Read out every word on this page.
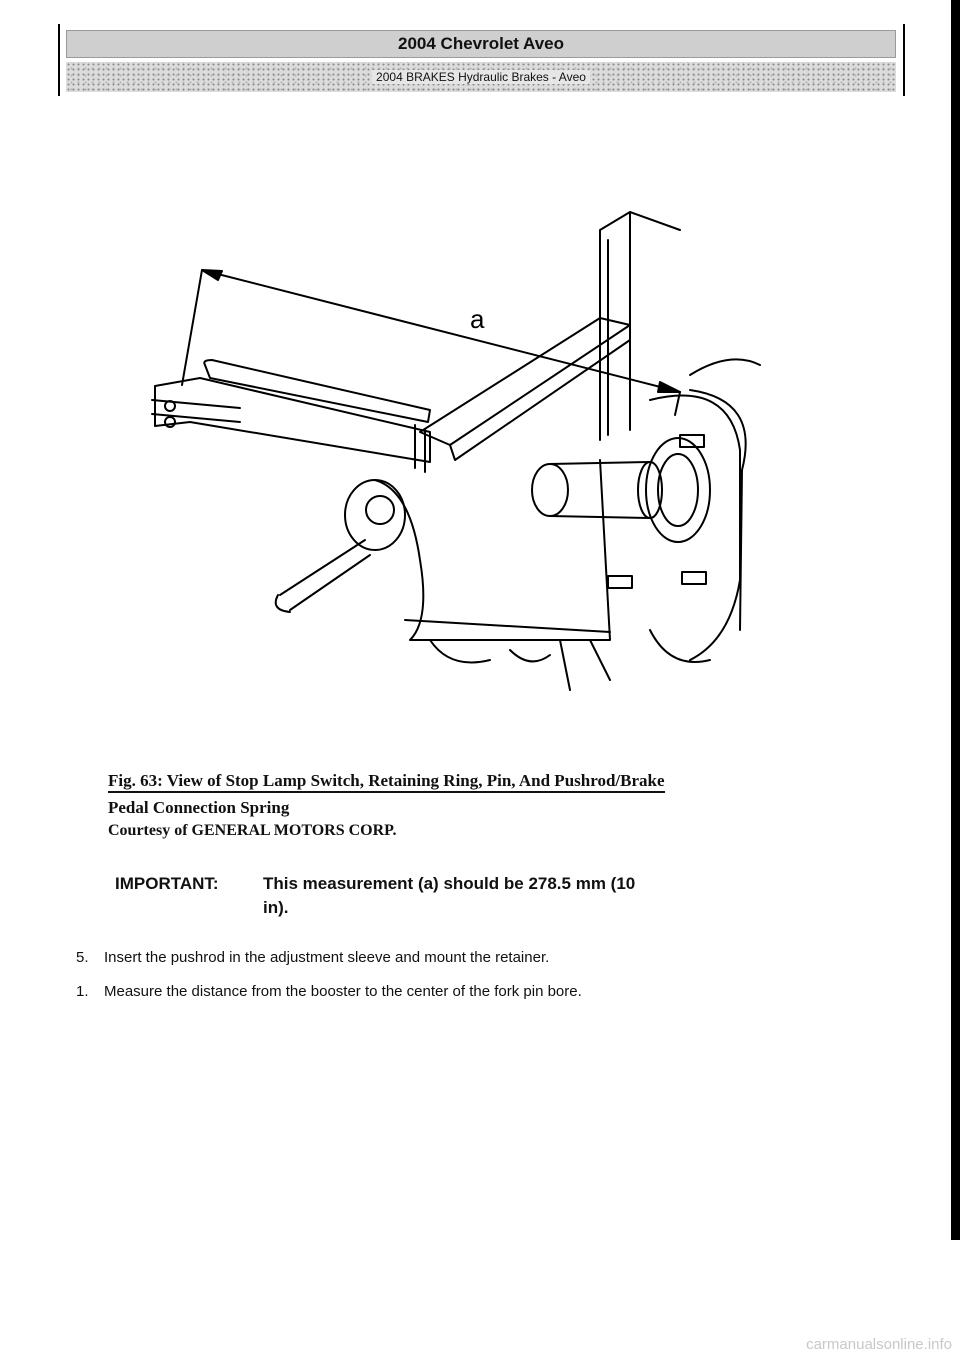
2004 Chevrolet Aveo
2004 BRAKES Hydraulic Brakes - Aveo
a
Fig. 63: View of Stop Lamp Switch, Retaining Ring, Pin, And Pushrod/Brake
Pedal Connection Spring
Courtesy of GENERAL MOTORS CORP.
IMPORTANT:	This measurement (a) should be 278.5 mm (10
in).
5. Insert the pushrod in the adjustment sleeve and mount the retainer.
1. Measure the distance from the booster to the center of the fork pin bore.
carmanualsonline.info
